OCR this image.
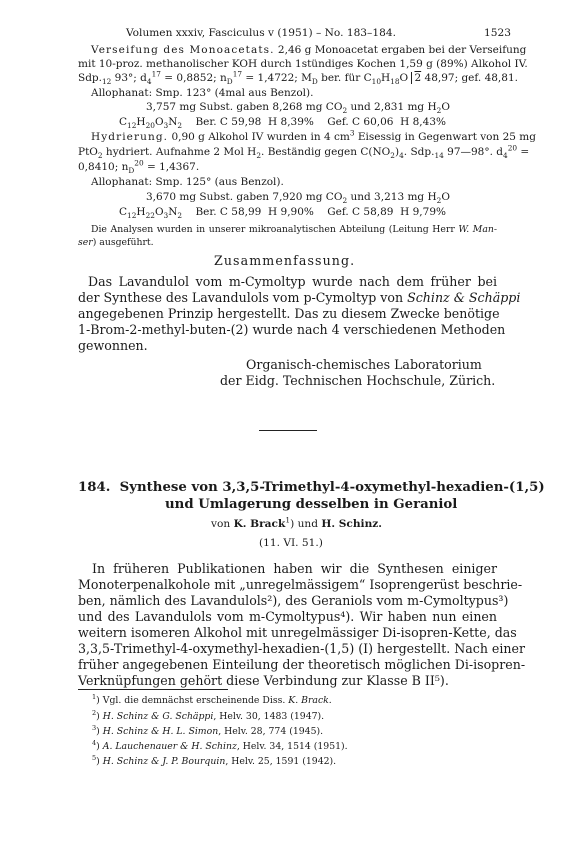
Volumen xxxiv, Fasciculus v (1951) – No. 183–184.	1523
Verseifung des Monoacetats. 2,46 g Monoacetat ergaben bei der Verseifung
mit 10-proz. methanolischer KOH durch 1stündiges Kochen 1,59 g (89%) Alkohol IV.
$Sdp._{12}$ 93°; $d_4^{17} = 0,8852$; $n_D^{17} = 1,4722$; $M_D$ ber. für $C_{10}H_{18}O$ 2 48,97; gef. 48,81.
Allophanat: Smp. 123° (4mal aus Benzol).
3,757 mg Subst. gaben 8,268 mg $CO_2$ und 2,831 mg $H_2O$
$C_{12}H_{20}O_3N_2$    Ber. C 59,98  H 8,39%    Gef. C 60,06  H 8,43%
Hydrierung. 0,90 g Alkohol IV wurden in 4 $cm^3$ Eisessig in Gegenwart von 25 mg
PtO$_2$ hydriert. Aufnahme 2 Mol $H_2$. Beständig gegen $C(NO_2)_4$. $Sdp._{14}$ 97—98°. $d_4^{20}$ =
0,8410; $n_D^{20} = 1,4367$.
Allophanat: Smp. 125° (aus Benzol).
3,670 mg Subst. gaben 7,920 mg $CO_2$ und 3,213 mg $H_2O$
$C_{12}H_{22}O_3N_2$    Ber. C 58,99  H 9,90%    Gef. C 58,89  H 9,79%
Die Analysen wurden in unserer mikroanalytischen Abteilung (Leitung Herr W. Man-
ser) ausgeführt.
Zusammenfassung.
Das Lavandulol vom m-Cymoltyp wurde nach dem früher bei
der Synthese des Lavandulols vom p-Cymoltyp von Schinz & Schäppi
angegebenen Prinzip hergestellt. Das zu diesem Zwecke benötige
1-Brom-2-methyl-buten-(2) wurde nach 4 verschiedenen Methoden
gewonnen.
Organisch-chemisches Laboratorium
der Eidg. Technischen Hochschule, Zürich.
184. Synthese von 3,3,5-Trimethyl-4-oxymethyl-hexadien-(1,5)
und Umlagerung desselben in Geraniol
von K. Brack$^1$) und H. Schinz.
(11. VI. 51.)
In früheren Publikationen haben wir die Synthesen einiger
Monoterpenalkohole mit „unregelmässigem“ Isoprengerüst beschrie-
ben, nämlich des Lavandulols²), des Geraniols vom m-Cymoltypus³)
und des Lavandulols vom m-Cymoltypus⁴). Wir haben nun einen
weitern isomeren Alkohol mit unregelmässiger Di-isopren-Kette, das
3,3,5-Trimethyl-4-oxymethyl-hexadien-(1,5) (I) hergestellt. Nach einer
früher angegebenen Einteilung der theoretisch möglichen Di-isopren-
Verknüpfungen gehört diese Verbindung zur Klasse B II⁵).
$^1$) Vgl. die demnächst erscheinende Diss. K. Brack.
$^2$) H. Schinz & G. Schäppi, Helv. 30, 1483 (1947).
$^3$) H. Schinz & H. L. Simon, Helv. 28, 774 (1945).
$^4$) A. Lauchenauer & H. Schinz, Helv. 34, 1514 (1951).
$^5$) H. Schinz & J. P. Bourquin, Helv. 25, 1591 (1942).
